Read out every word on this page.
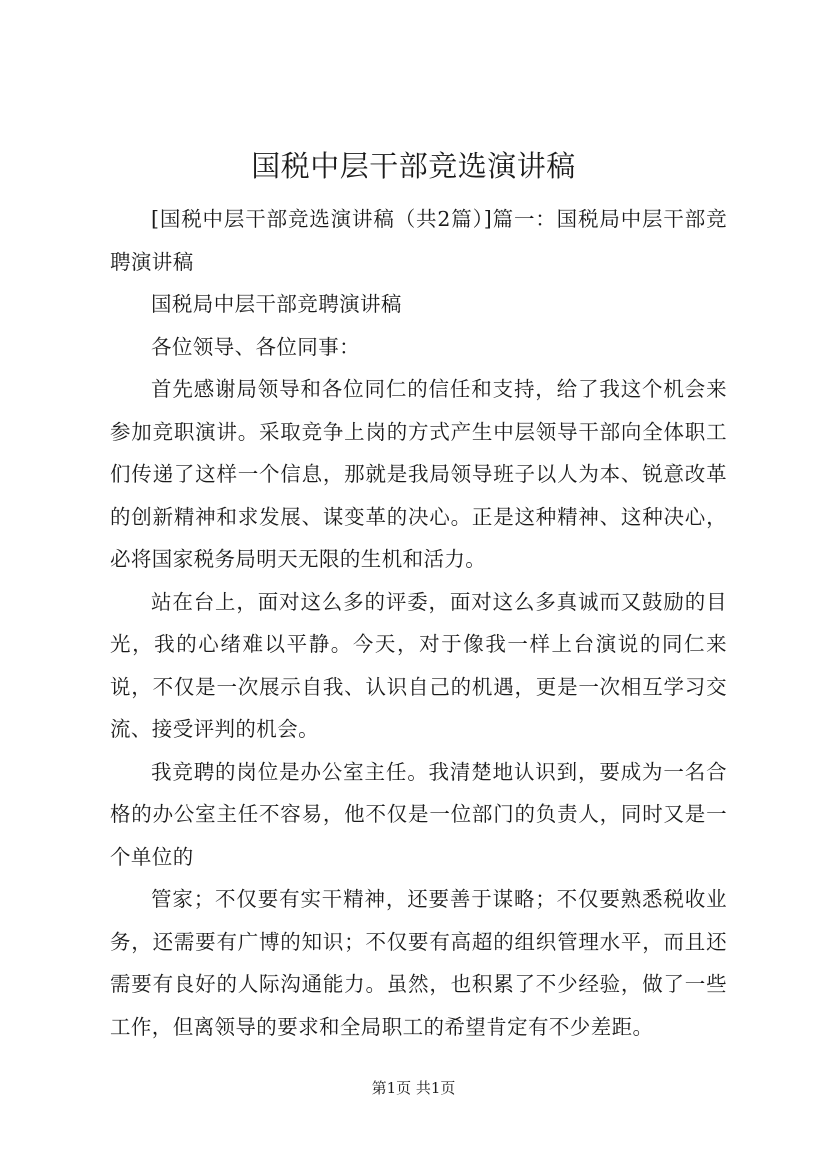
国税中层干部竞选演讲稿

[国税中层干部竞选演讲稿（共2篇）]篇一：国税局中层干部竞聘演讲稿

国税局中层干部竞聘演讲稿

各位领导、各位同事：

首先感谢局领导和各位同仁的信任和支持，给了我这个机会来参加竞职演讲。采取竞争上岗的方式产生中层领导干部向全体职工们传递了这样一个信息，那就是我局领导班子以人为本、锐意改革的创新精神和求发展、谋变革的决心。正是这种精神、这种决心，必将国家税务局明天无限的生机和活力。

站在台上，面对这么多的评委，面对这么多真诚而又鼓励的目光，我的心绪难以平静。今天，对于像我一样上台演说的同仁来说，不仅是一次展示自我、认识自己的机遇，更是一次相互学习交流、接受评判的机会。

我竞聘的岗位是办公室主任。我清楚地认识到，要成为一名合格的办公室主任不容易，他不仅是一位部门的负责人，同时又是一个单位的

管家；不仅要有实干精神，还要善于谋略；不仅要熟悉税收业务，还需要有广博的知识；不仅要有高超的组织管理水平，而且还需要有良好的人际沟通能力。虽然，也积累了不少经验，做了一些工作，但离领导的要求和全局职工的希望肯定有不少差距。

第1页 共1页
